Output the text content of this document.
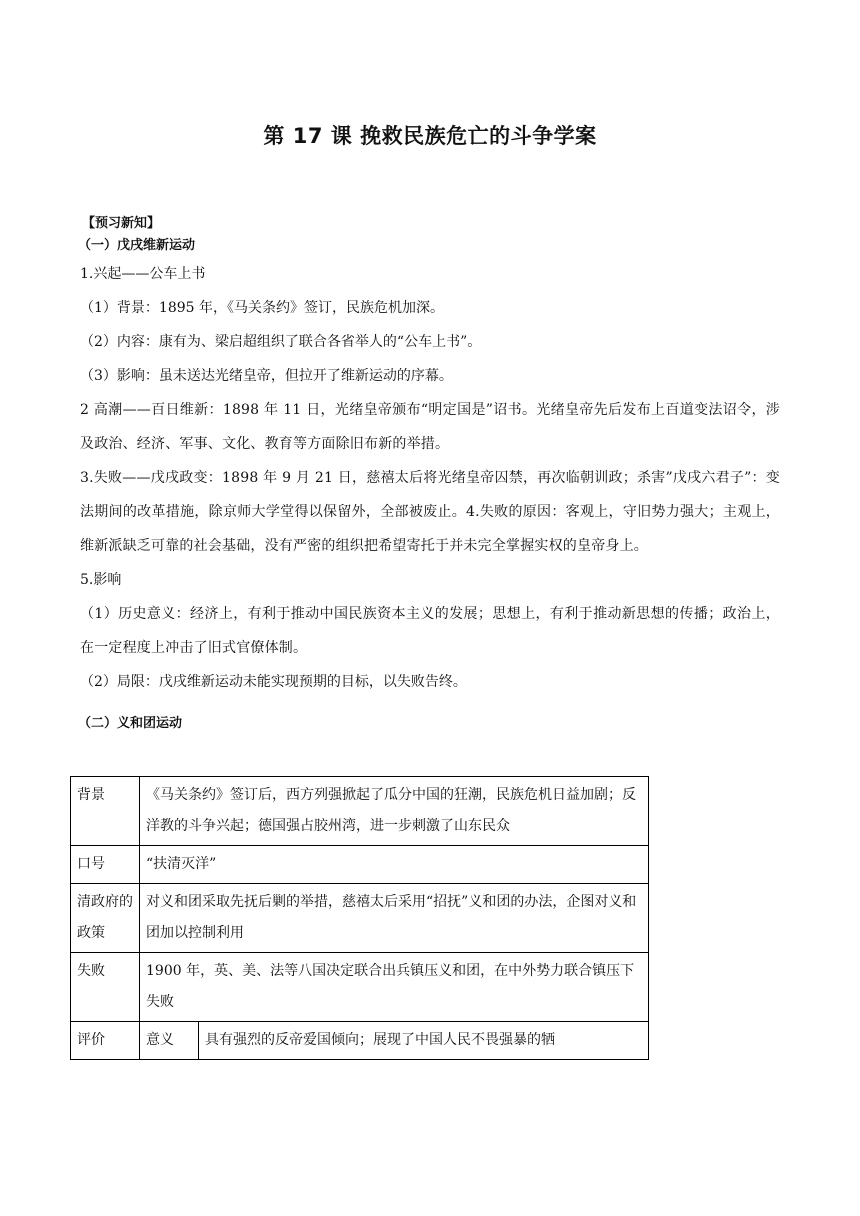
第 17 课 挽救民族危亡的斗争学案
【预习新知】
（一）戊戌维新运动
1.兴起——公车上书
（1）背景：1895 年，《马关条约》签订，民族危机加深。
（2）内容：康有为、梁启超组织了联合各省举人的“公车上书”。
（3）影响：虽未送达光绪皇帝，但拉开了维新运动的序幕。
2 高潮——百日维新：1898 年 11 日，光绪皇帝颁布“明定国是”诏书。光绪皇帝先后发布上百道变法诏令，涉及政治、经济、军事、文化、教育等方面除旧布新的举措。
3.失败——戊戌政变：1898 年 9 月 21 日，慈禧太后将光绪皇帝囚禁，再次临朝训政；杀害”戊戌六君子”：变法期间的改革措施，除京师大学堂得以保留外，全部被废止。4.失败的原因：客观上，守旧势力强大；主观上，维新派缺乏可靠的社会基础，没有严密的组织把希望寄托于并未完全掌握实权的皇帝身上。
5.影响
（1）历史意义：经济上，有利于推动中国民族资本主义的发展；思想上，有利于推动新思想的传播；政治上，在一定程度上冲击了旧式官僚体制。
（2）局限：戊戌维新运动未能实现预期的目标，以失败告终。
（二）义和团运动
背景	《马关条约》签订后，西方列强掀起了瓜分中国的狂潮，民族危机日益加剧；反洋教的斗争兴起；德国强占胶州湾，进一步刺激了山东民众	
口号	“扶清灭洋”	
清政府的政策	对义和团采取先抚后剿的举措，慈禧太后采用“招抚”义和团的办法，企图对义和团加以控制利用	
失败	1900 年，英、美、法等八国决定联合出兵镇压义和团，在中外势力联合镇压下失败	
评价	意义	具有强烈的反帝爱国倾向；展现了中国人民不畏强暴的牺
